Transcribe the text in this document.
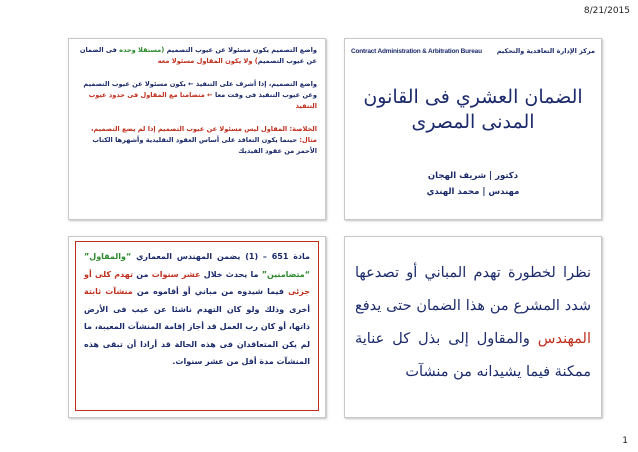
8/21/2015

واضع التصميم يكون مسئولا عن عيوب التصميم (مستقلا وحده فى الضمان عن عيوب التصميم) ولا يكون المقاول مسئولا معه

واضع التصميم، إذا أشرف على التنفيذ ← يكون مسئولا عن عيوب التصميم وعن عيوب التنفيذ فى وقت معا ← متضامنا مع المقاول فى حدود عيوب التنفيذ

الخلاصة: المقاول ليس مسئولا عن عيوب التصميم إذا لم يضع التصميم، مثال: حينما يكون التعاقد على أساس العقود التقليدية وأشهرها الكتاب الأحمر من عقود الفيديك

Contract Administration & Arbitration Bureau مركز الإدارة التعاقدية والتحكيم
الضمان العشري فى القانون المدنى المصرى
دكتور | شريف الهجان
مهندس | محمد الهندي

مادة 651 – (1) يضمن المهندس المعماري “والمقاول” “متضامنين” ما يحدث خلال عشر سنوات من تهدم كلى أو جزئى فيما شيدوه من مباني أو أقاموه من منشآت ثابتة أخرى وذلك ولو كان التهدم ناشئا عن عيب فى الأرض ذاتها، أو كان رب العمل قد أجاز إقامة المنشآت المعيبة، ما لم يكن المتعاقدان فى هذه الحالة قد أرادا أن تبقى هذه المنشآت مدة أقل من عشر سنوات.

نظرا لخطورة تهدم المباني أو تصدعها شدد المشرع من هذا الضمان حتى يدفع المهندس والمقاول إلى بذل كل عناية ممكنة فيما يشيدانه من منشآت

1
